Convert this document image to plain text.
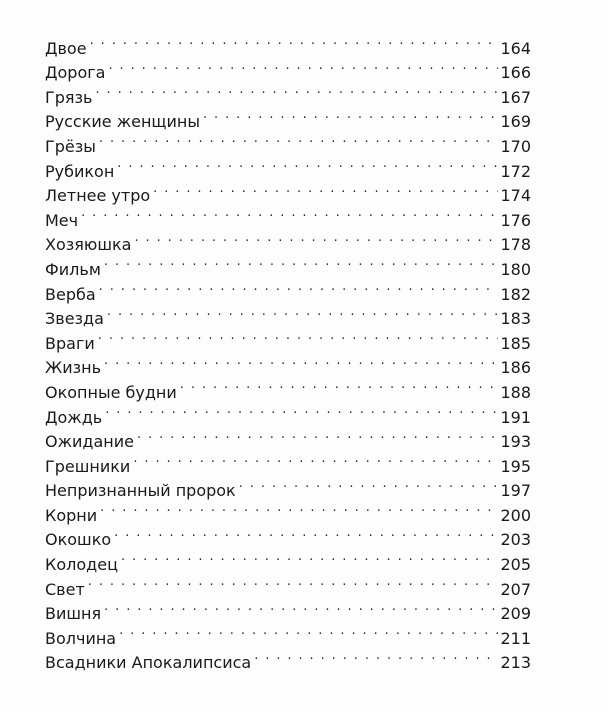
Двое . . .	164
Дорога . . .	166
Грязь . . .	167
Русские женщины . . .	169
Грёзы . . .	170
Рубикон . . .	172
Летнее утро . . .	174
Меч . . .	176
Хозяюшка . . .	178
Фильм . . .	180
Верба . . .	182
Звезда . . .	183
Враги . . .	185
Жизнь . . .	186
Окопные будни . . .	188
Дождь . . .	191
Ожидание . . .	193
Грешники . . .	195
Непризнанный пророк . . .	197
Корни . . .	200
Окошко . . .	203
Колодец . . .	205
Свет . . .	207
Вишня . . .	209
Волчина . . .	211
Всадники Апокалипсиса . . .	213
